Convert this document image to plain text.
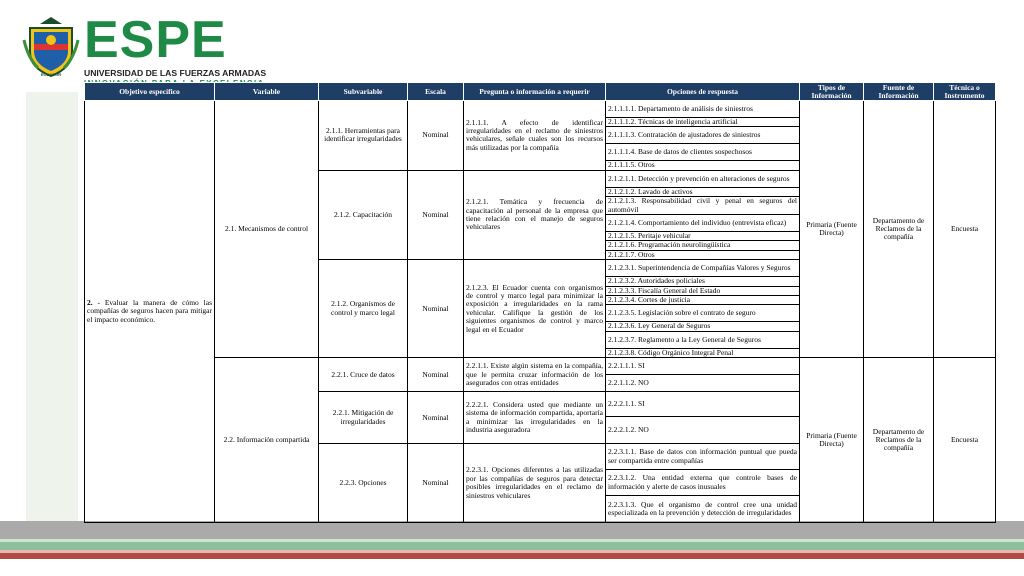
ECUADOR
ESPE
UNIVERSIDAD DE LAS FUERZAS ARMADAS
Objetivo específico	Variable	Subvariable	Escala	Pregunta o información a requerir	Opciones de respuesta	Tipos de Información	Fuente de Información	Técnica o Instrumento
2. - Evaluar la manera de cómo las compañías de seguros hacen para mitigar el impacto económico.	2.1. Mecanismos de control	2.1.1. Herramientas para identificar irregularidades	Nominal	2.1.1.1. A efecto de identificar irregularidades en el reclamo de siniestros vehiculares, señale cuales son los recursos más utilizadas por la compañía	2.1.1.1.1. Departamento de análisis de siniestros	Primaria (Fuente Directa)	Departamento de Reclamos de la compañía	Encuesta
					2.1.1.1.2. Técnicas de inteligencia artificial			
					2.1.1.1.3. Contratación de ajustadores de siniestros			
					2.1.1.1.4. Base de datos de clientes sospechosos			
					2.1.1.1.5. Otros			
		2.1.2. Capacitación	Nominal	2.1.2.1. Temática y frecuencia de capacitación al personal de la empresa que tiene relación con el manejo de seguros vehiculares	2.1.2.1.1. Detección y prevención en alteraciones de seguros			
					2.1.2.1.2. Lavado de activos			
					2.1.2.1.3. Responsabilidad civil y penal en seguros del automóvil			
					2.1.2.1.4. Comportamiento del individuo (entrevista eficaz)			
					2.1.2.1.5. Peritaje vehicular			
					2.1.2.1.6. Programación neurolingüística			
					2.1.2.1.7. Otros			
		2.1.2. Organismos de control y marco legal	Nominal	2.1.2.3. El Ecuador cuenta con organismos de control y marco legal para minimizar la exposición a irregularidades en la rama vehicular. Califique la gestión de los siguientes organismos de control y marco legal en el Ecuador	2.1.2.3.1. Superintendencia de Compañías Valores y Seguros			
					2.1.2.3.2. Autoridades policiales			
					2.1.2.3.3. Fiscalía General del Estado			
					2.1.2.3.4. Cortes de justicia			
					2.1.2.3.5. Legislación sobre el contrato de seguro			
					2.1.2.3.6. Ley General de Seguros			
					2.1.2.3.7. Reglamento a la Ley General de Seguros			
					2.1.2.3.8. Código Orgánico Integral Penal			
	2.2. Información compartida	2.2.1. Cruce de datos	Nominal	2.2.1.1. Existe algún sistema en la compañía, que le permita cruzar información de los asegurados con otras entidades	2.2.1.1.1. SI	Primaria (Fuente Directa)	Departamento de Reclamos de la compañía	Encuesta
					2.2.1.1.2. NO			
		2.2.1. Mitigación de irregularidades	Nominal	2.2.2.1. Considera usted que mediante un sistema de información compartida, aportaría a minimizar las irregularidades en la industria aseguradora	2.2.2.1.1. SI			
					2.2.2.1.2. NO			
		2.2.3. Opciones	Nominal	2.2.3.1. Opciones diferentes a las utilizadas por las compañías de seguros para detectar posibles irregularidades en el reclamo de siniestros vehiculares	2.2.3.1.1. Base de datos con información puntual que pueda ser compartida entre compañías			
					2.2.3.1.2. Una entidad externa que controle bases de información y alerte de casos inusuales			
					2.2.3.1.3. Que el organismo de control cree una unidad especializada en la prevención y detección de irregularidades			
